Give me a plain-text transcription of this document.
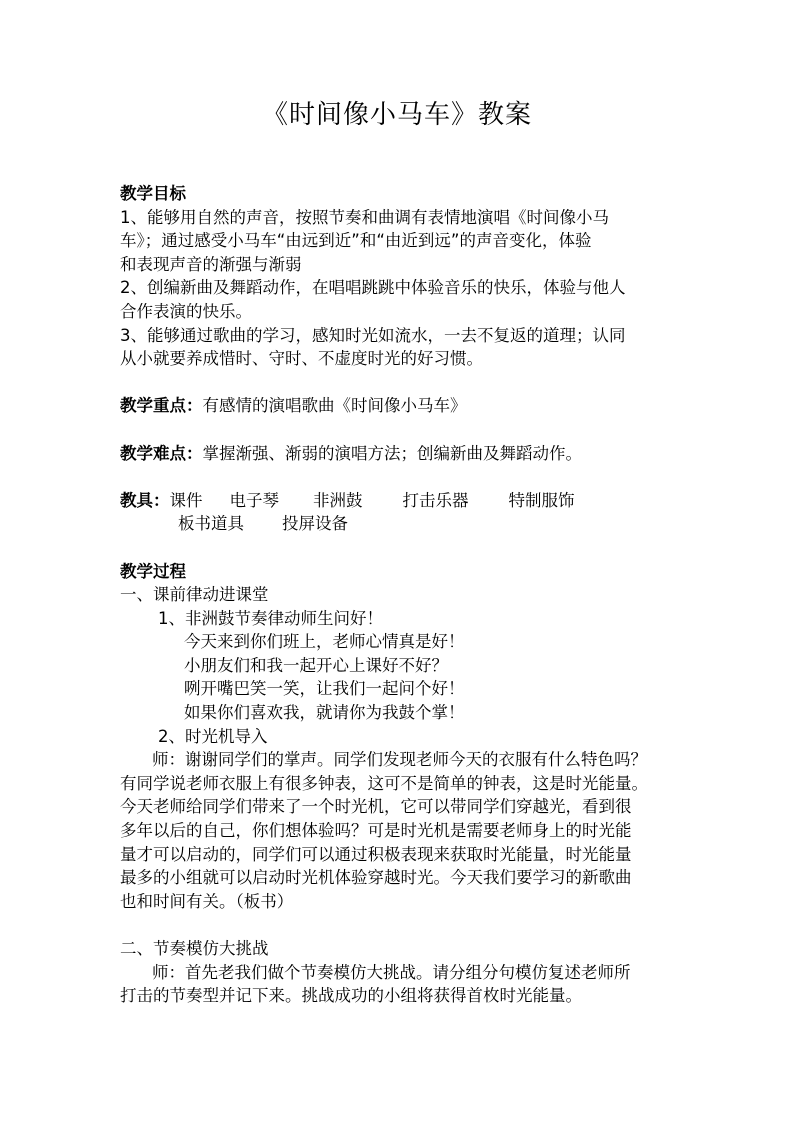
《时间像小马车》教案
教学目标
1、能够用自然的声音，按照节奏和曲调有表情地演唱《时间像小马
车》；通过感受小马车“由远到近”和“由近到远”的声音变化，体验
和表现声音的渐强与渐弱
2、创编新曲及舞蹈动作，在唱唱跳跳中体验音乐的快乐，体验与他人
合作表演的快乐。
3、能够通过歌曲的学习，感知时光如流水，一去不复返的道理；认同
从小就要养成惜时、守时、不虚度时光的好习惯。
教学重点：有感情的演唱歌曲《时间像小马车》
教学难点：掌握渐强、渐弱的演唱方法；创编新曲及舞蹈动作。
教具：课件 电子琴 非洲鼓 打击乐器 特制服饰
板书道具 投屏设备
教学过程
一、课前律动进课堂
1、非洲鼓节奏律动师生问好！
今天来到你们班上，老师心情真是好！
小朋友们和我一起开心上课好不好？
咧开嘴巴笑一笑，让我们一起问个好！
如果你们喜欢我，就请你为我鼓个掌！
2、时光机导入
师：谢谢同学们的掌声。同学们发现老师今天的衣服有什么特色吗？
有同学说老师衣服上有很多钟表，这可不是简单的钟表，这是时光能量。
今天老师给同学们带来了一个时光机，它可以带同学们穿越光，看到很
多年以后的自己，你们想体验吗？可是时光机是需要老师身上的时光能
量才可以启动的，同学们可以通过积极表现来获取时光能量，时光能量
最多的小组就可以启动时光机体验穿越时光。今天我们要学习的新歌曲
也和时间有关。（板书）
二、节奏模仿大挑战
师：首先老我们做个节奏模仿大挑战。请分组分句模仿复述老师所
打击的节奏型并记下来。挑战成功的小组将获得首枚时光能量。
